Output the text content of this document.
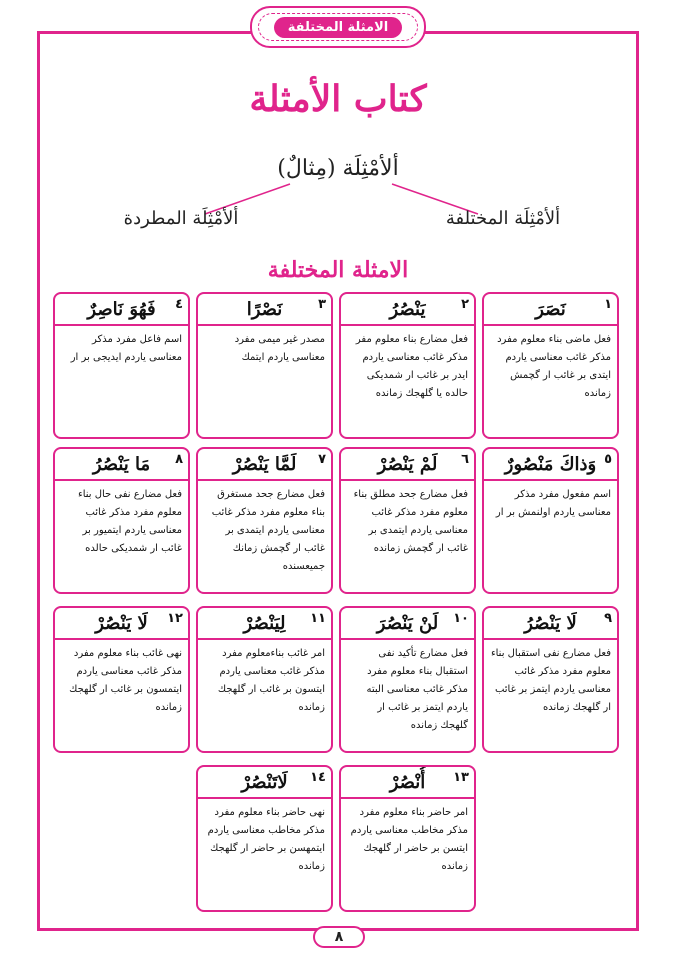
الامثلة المختلفة
كتاب الأمثلة
ألأمْثِلَة (مِثالٌ)
ألأمْثِلَة المختلفة
ألأمْثِلَة المطردة
الامثلة المختلفة
١
نَصَرَ
فعل ماضی بناء معلوم مفرد مذکر غائب معناسی یاردم ایتدی ﺑﺮ غائب ار گچمش زمانده
٢
يَنْصُرُ
فعل مضارع بناء معلوم مفر مذکر غائب معناسی یاردم ایدر ﺑﺮ غائب ار شمدیکی حالده یا گلهجك زمانده
٣
نَصْرًا
مصدر غیر میمی مفرد معناسی یاردم ایتمك
٤
فَهُوَ نَاصِرٌ
اسم فاعل مفرد مذکر معناسی یاردم ایدیجی ﺑﺮ ار
٥
وَذاكَ مَنْصُورٌ
اسم مفعول مفرد مذکر معناسی یاردم اولنمش ﺑﺮ ار
٦
لَمْ يَنْصُرْ
فعل مضارع جحد مطلق بناء معلوم مفرد مذکر غائب معناسی یاردم ایتمدی ﺑﺮ غائب ار گچمش زمانده
٧
لَمَّا يَنْصُرْ
فعل مضارع جحد مستغرق بناء معلوم مفرد مذکر غائب معناسی یاردم ایتمدی ﺑﺮ غائب ار گچمش زمانك جمیعسنده
٨
مَا يَنْصُرُ
فعل مضارع نفی حال بناء معلوم مفرد مذکر غائب معناسی یاردم ایتمیور ﺑﺮ غائب ار شمدیکی حالده
٩
لَا يَنْصُرُ
فعل مضارع نفی استقبال بناء معلوم مفرد مذکر غائب معناسی یاردم ایتمز ﺑﺮ غائب ار گلهجك زمانده
١٠
لَنْ يَنْصُرَ
فعل مضارع تأکید نفی استقبال بناء معلوم مفرد مذکر غائب معناسی البته یاردم ایتمز ﺑﺮ غائب ار گلهجك زمانده
١١
لِيَنْصُرْ
امر غائب بناءمعلوم مفرد مذکر غائب معناسی یاردم ایتسون ﺑﺮ غائب ار گلهجك زمانده
١٢
لَا يَنْصُرْ
نهی غائب بناء معلوم مفرد مذکر غائب معناسی یاردم ایتمسون ﺑﺮ غائب ار گلهجك زمانده
١٣
أُنْصُرْ
امر حاضر بناء معلوم مفرد مذکر مخاطب معناسی یاردم ایتسن ﺑﺮ حاضر ار گلهجك زمانده
١٤
لَاتَنْصُرْ
نهی حاضر بناء معلوم مفرد مذکر مخاطب معناسی یاردم ایتمهسن ﺑﺮ حاضر ار گلهجك زمانده
٨
